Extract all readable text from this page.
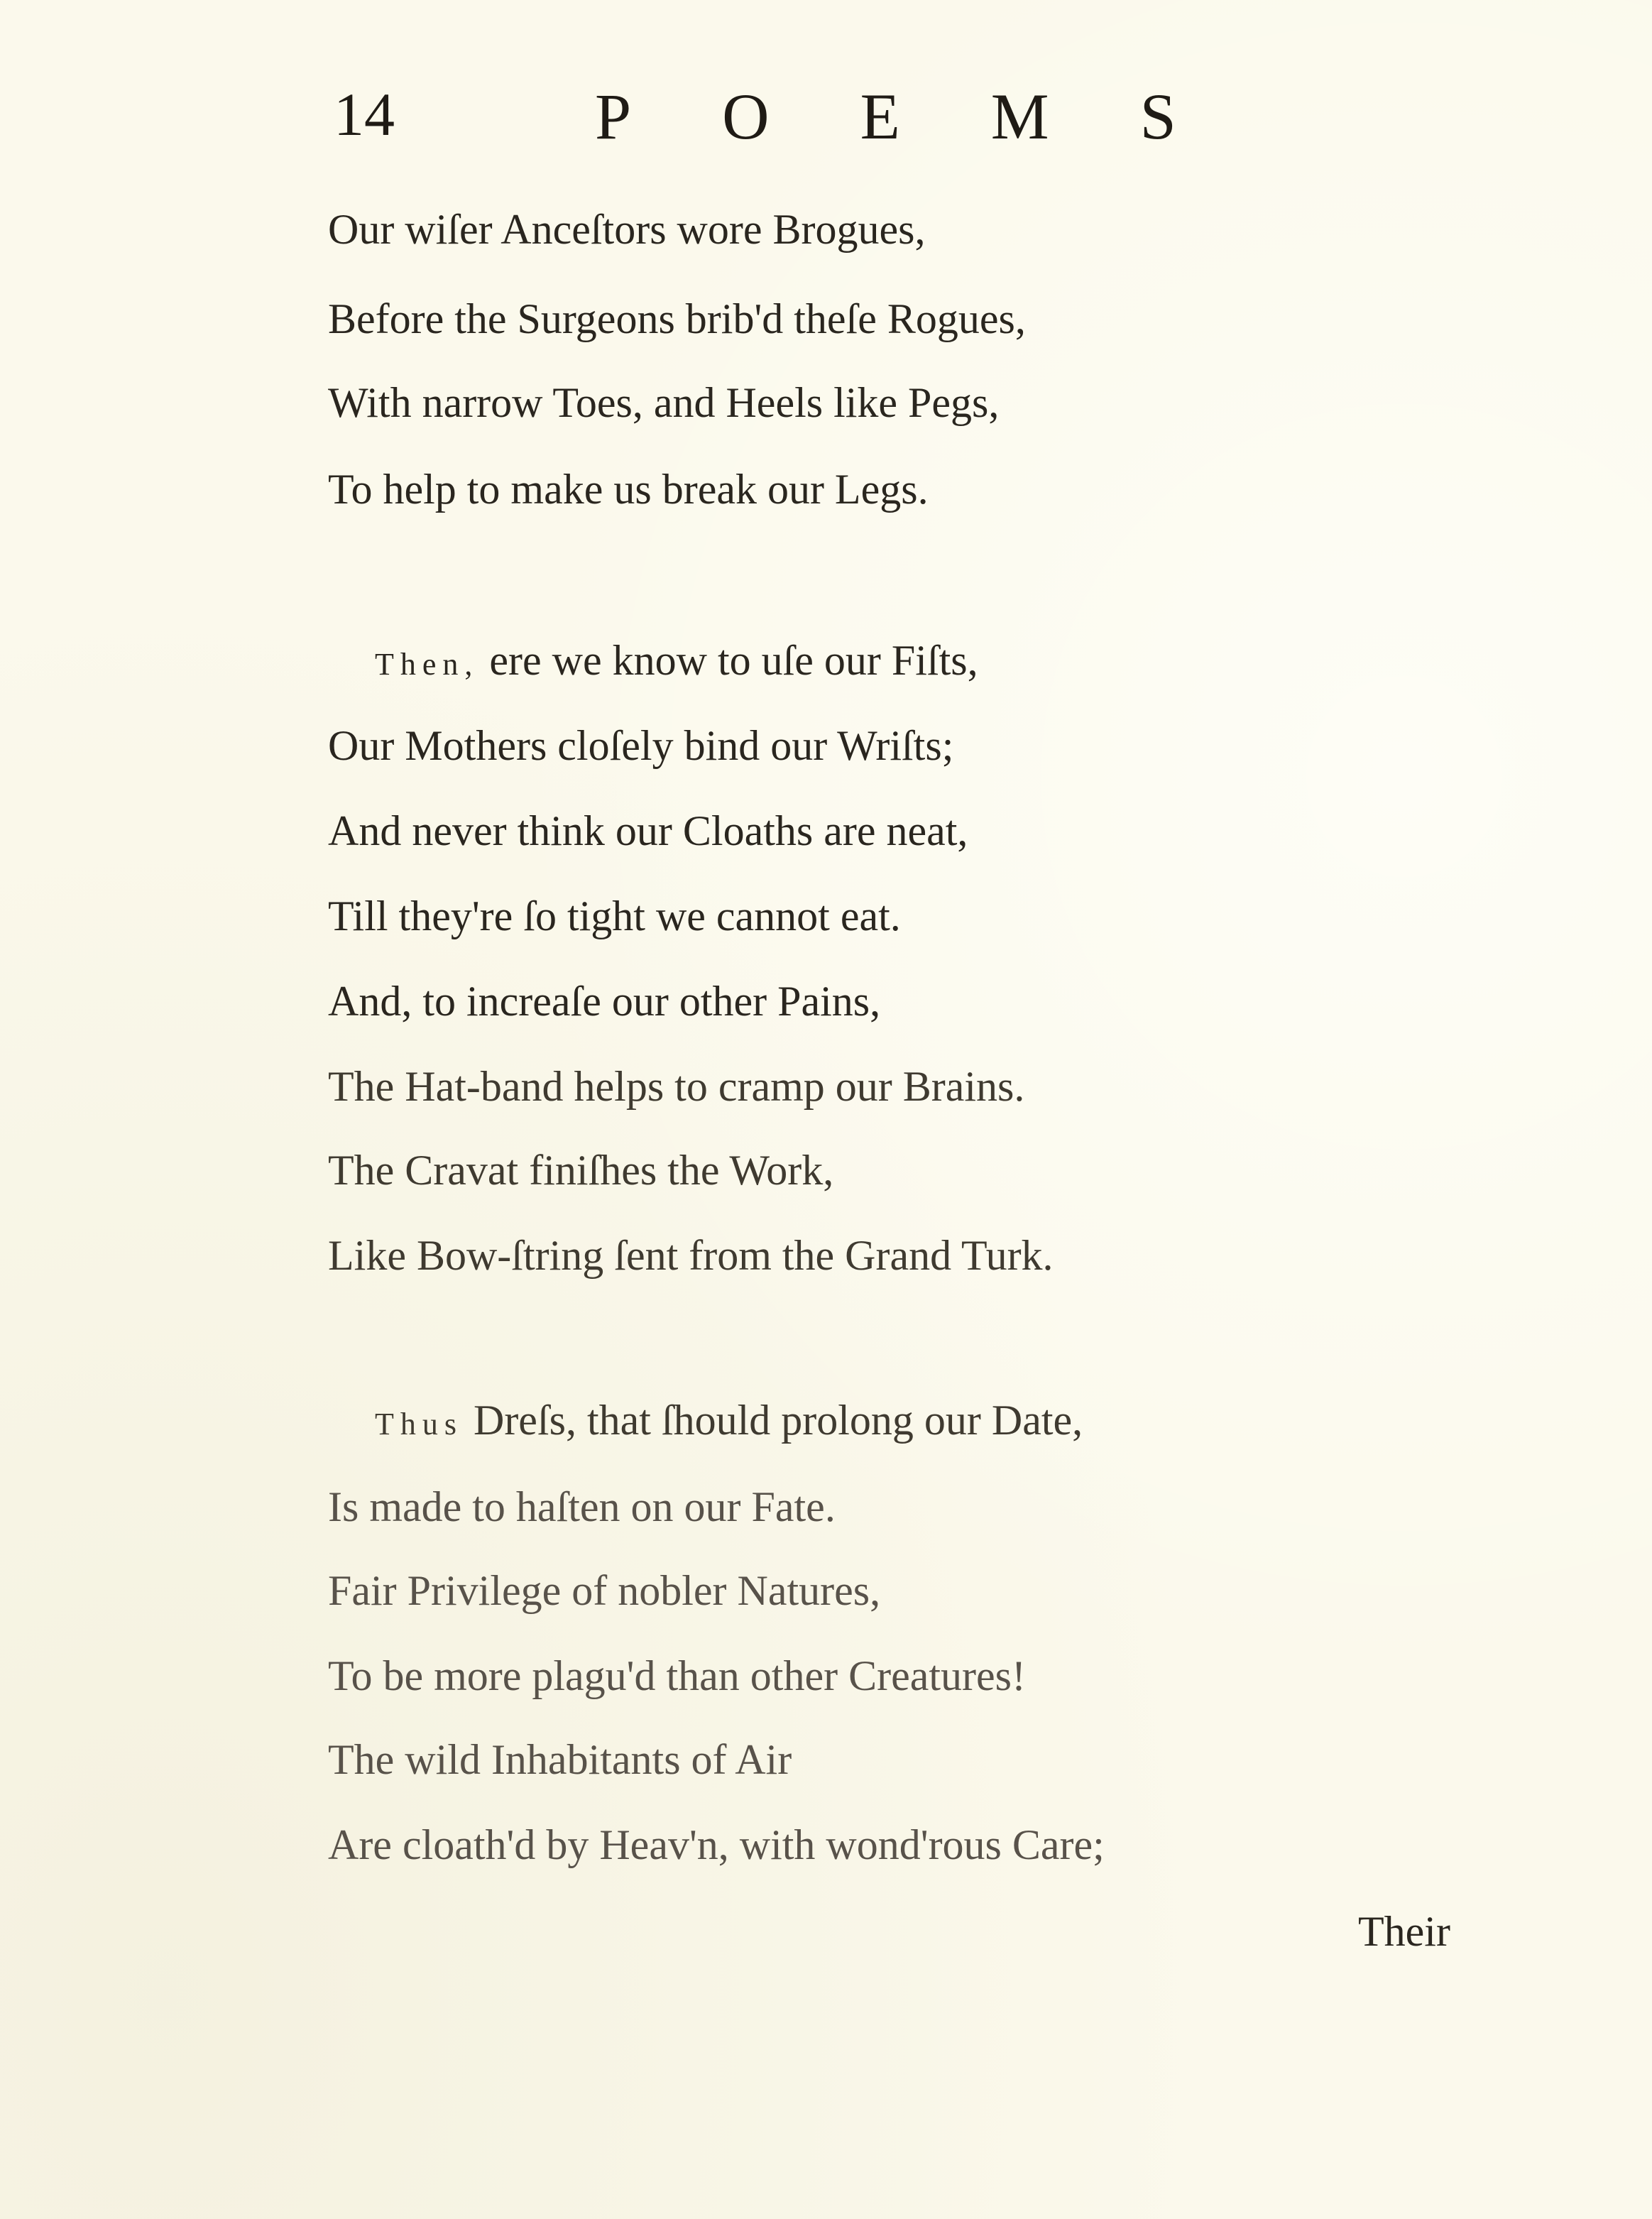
14	POEMS
Our wiſer Anceſtors wore Brogues,
Before the Surgeons brib'd theſe Rogues,
With narrow Toes, and Heels like Pegs,
To help to make us break our Legs.
Then, ere we know to uſe our Fiſts,
Our Mothers cloſely bind our Wriſts;
And never think our Cloaths are neat,
Till they're ſo tight we cannot eat.
And, to increaſe our other Pains,
The Hat-band helps to cramp our Brains.
The Cravat finiſhes the Work,
Like Bow-ſtring ſent from the Grand Turk.
Thus Dreſs, that ſhould prolong our Date,
Is made to haſten on our Fate.
Fair Privilege of nobler Natures,
To be more plagu'd than other Creatures!
The wild Inhabitants of Air
Are cloath'd by Heav'n, with wond'rous Care;
Their
